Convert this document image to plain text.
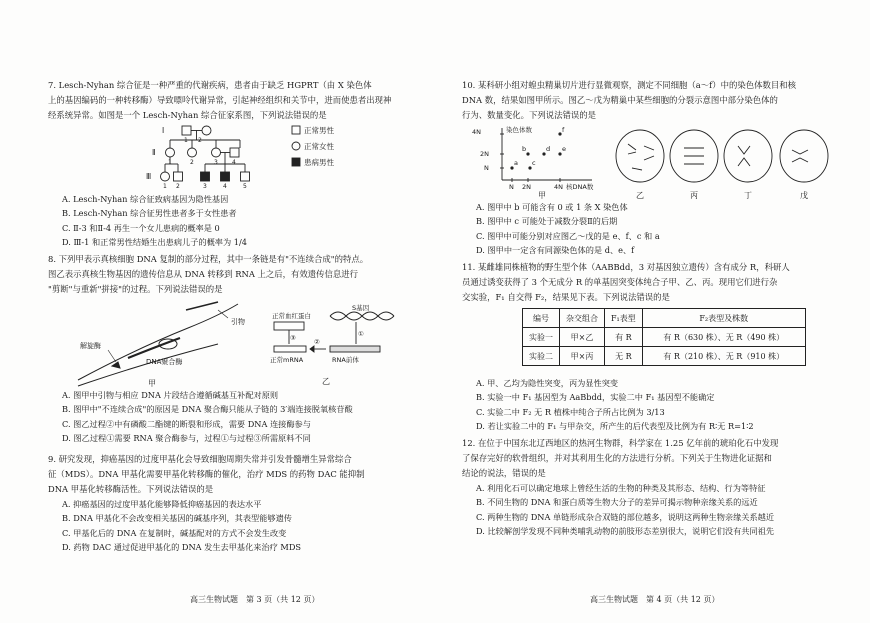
7. Lesch-Nyhan 综合征是一种严重的代谢疾病，患者由于缺乏 HGPRT（由 X 染色体

上的基因编码的一种转移酶）导致嘌呤代谢异常，引起神经组织和关节中，进而使患者出现神

经系统异常。如图是一个 Lesch-Nyhan 综合征家系图，下列说法错误的是

Ⅰ
Ⅱ
Ⅲ
1 2
1	2	3 4
1 2	3	4	5
正常男性
正常女性
患病男性

A. Lesch-Nyhan 综合征致病基因为隐性基因

B. Lesch-Nyhan 综合征男性患者多于女性患者

C. Ⅱ-3 和Ⅱ-4 再生一个女儿患病的概率是 0

D. Ⅲ-1 和正常男性结婚生出患病儿子的概率为 1/4

8. 下列甲表示真核细胞 DNA 复制的部分过程，其中一条链是有"不连续合成"的特点。

图乙表示真核生物基因的遗传信息从 DNA 转移到 RNA 上之后，有效遗传信息进行

"剪断"与重新"拼接"的过程。下列说法错误的是

引物
解旋酶
DNA聚合酶
甲
正常血红蛋白
S基因
正常mRNA	RNA前体
③	①
②
乙

A. 图甲中引物与相应 DNA 片段结合遵循碱基互补配对原则

B. 图甲中"不连续合成"的原因是 DNA 聚合酶只能从子链的 3′端连接脱氧核苷酸

C. 图乙过程②中有磷酸二酯键的断裂和形成，需要 DNA 连接酶参与

D. 图乙过程①需要 RNA 聚合酶参与，过程①与过程③所需原料不同

9. 研究发现，抑癌基因的过度甲基化会导致细胞周期失常并引发骨髓增生异常综合

征（MDS）。DNA 甲基化需要甲基化转移酶的催化，治疗 MDS 的药物 DAC 能抑制

DNA 甲基化转移酶活性。下列说法错误的是

A. 抑癌基因的过度甲基化能够降低抑癌基因的表达水平

B. DNA 甲基化不会改变相关基因的碱基序列，其表型能够遗传

C. 甲基化后的 DNA 在复制时，碱基配对的方式不会发生改变

D. 药物 DAC 通过促进甲基化的 DNA 发生去甲基化来治疗 MDS

高三生物试题　第 3 页（共 12 页）

10. 某科研小组对蝗虫精巢切片进行显微观察，测定不同细胞（a～f）中的染色体数目和核

DNA 数，结果如图甲所示。图乙～戊为精巢中某些细胞的分裂示意图中部分染色体的

行为、数量变化。下列说法错误的是

4N
2N
N
N 2N	4N 核DNA数
染色体数
a
b
c
d e
f
甲	乙	丙	丁	戊

A. 图甲中 b 可能含有 0 或 1 条 X 染色体

B. 图甲中 c 可能处于减数分裂Ⅱ的后期

C. 图甲中可能分别对应图乙～戊的是 e、f、c 和 a

D. 图甲中一定含有同源染色体的是 d、e、f

11. 某雌雄同株植物的野生型个体（AABBdd，3 对基因独立遗传）含有成分 R，科研人

员通过诱变获得了 3 个无成分 R 的单基因突变体纯合子甲、乙、丙。现用它们进行杂

交实验，F₁ 自交得 F₂，结果见下表。下列说法错误的是

编号	杂交组合	F₁表型	F₂表型及株数
实验一	甲×乙	有 R	有 R（630 株）、无 R（490 株）
实验二	甲×丙	无 R	有 R（210 株）、无 R（910 株）

A. 甲、乙均为隐性突变，丙为显性突变

B. 实验一中 F₁ 基因型为 AaBbdd，实验二中 F₁ 基因型不能确定

C. 实验二中 F₂ 无 R 植株中纯合子所占比例为 3/13

D. 若让实验二中的 F₁ 与甲杂交，所产生的后代表型及比例为有 R∶无 R=1∶2

12. 在位于中国东北辽西地区的热河生物群，科学家在 1.25 亿年前的琥珀化石中发现

了保存完好的软骨组织，并对其利用生化的方法进行分析。下列关于生物进化证据和

结论的说法，错误的是

A. 利用化石可以确定地球上曾经生活的生物的种类及其形态、结构、行为等特征

B. 不同生物的 DNA 和蛋白质等生物大分子的差异可揭示物种亲缘关系的远近

C. 两种生物的 DNA 单链形成杂合双链的部位越多，说明这两种生物亲缘关系越近

D. 比较解剖学发现不同种类哺乳动物的前肢形态差别很大，说明它们没有共同祖先

高三生物试题　第 4 页（共 12 页）
